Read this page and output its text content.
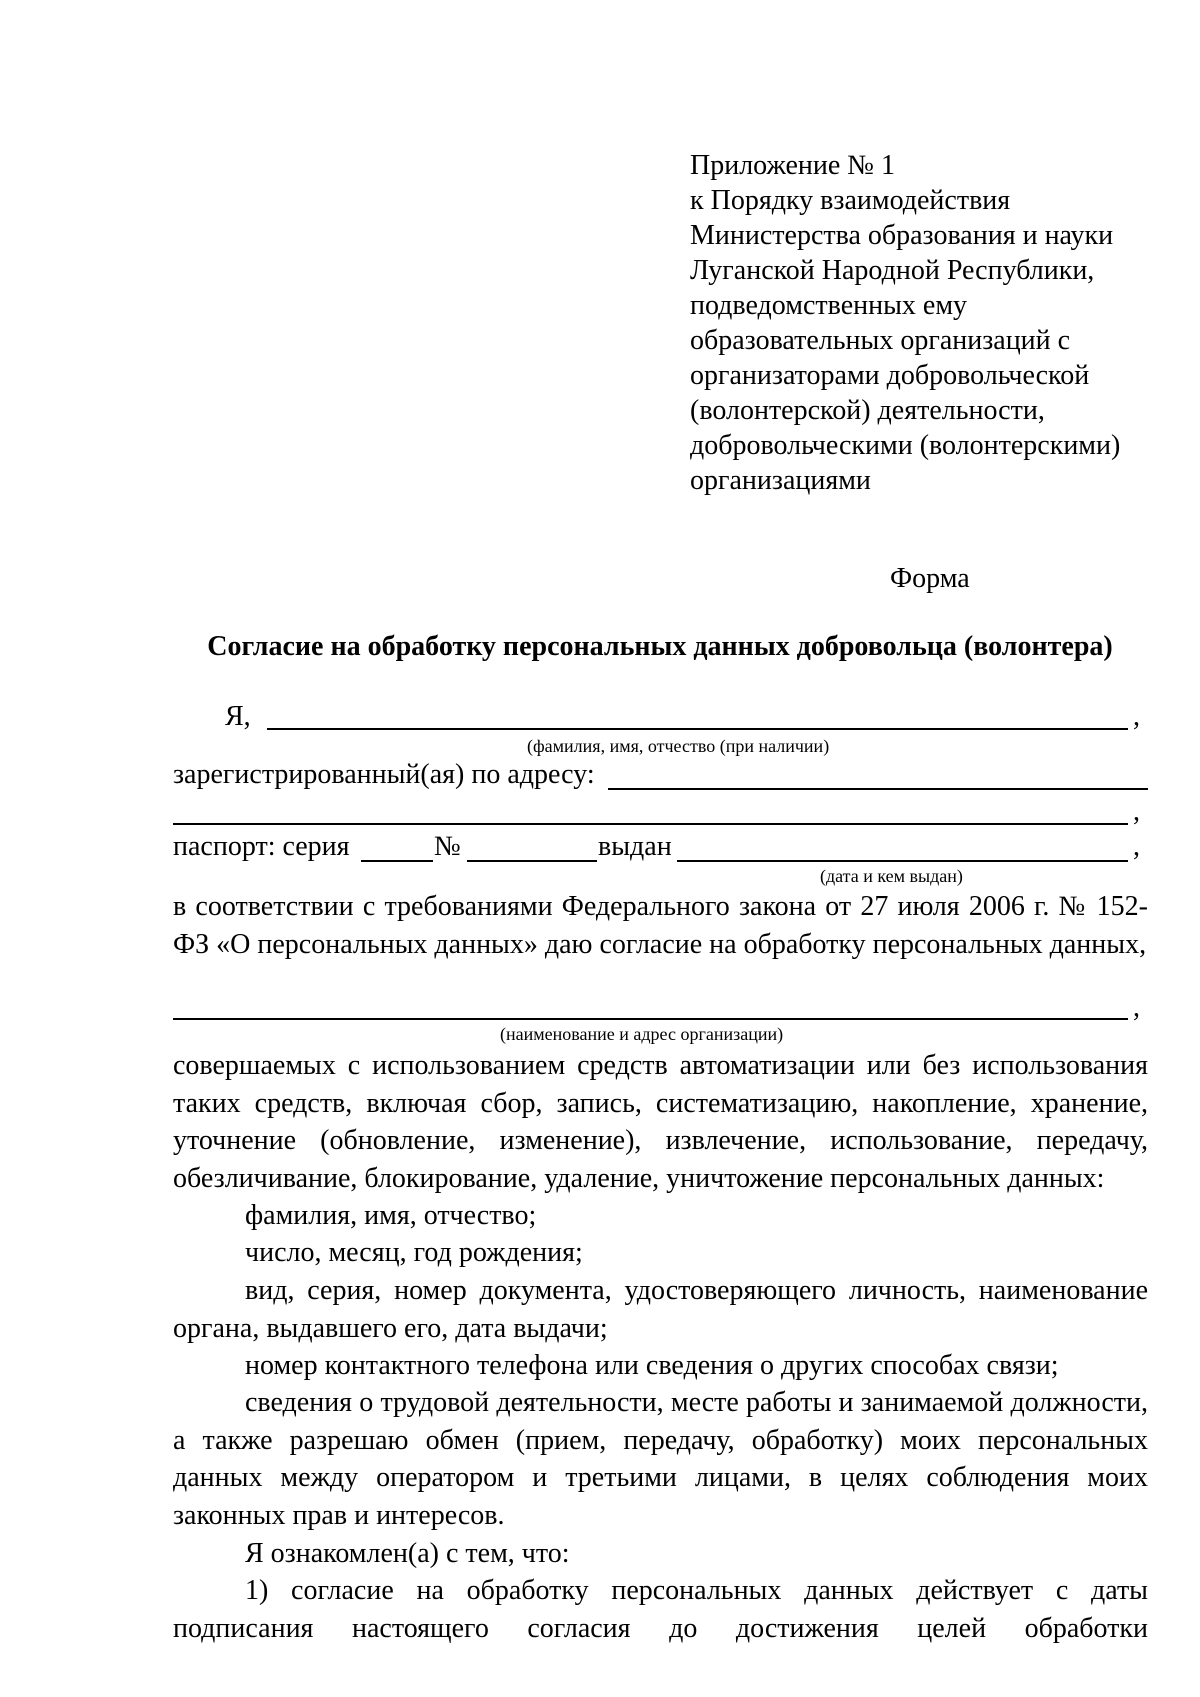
Приложение № 1
к Порядку взаимодействия
Министерства образования и науки
Луганской Народной Республики,
подведомственных ему
образовательных организаций с
организаторами добровольческой
(волонтерской) деятельности,
добровольческими (волонтерскими)
организациями
Форма
Согласие на обработку персональных данных добровольца (волонтера)
Я,	,
(фамилия, имя, отчество (при наличии)
зарегистрированный(ая) по адресу:
,
паспорт: серия	№	выдан	,
(дата и кем выдан)
в соответствии с требованиями Федерального закона от 27 июля 2006 г. № 152-ФЗ «О персональных данных» даю согласие на обработку персональных данных,
,
(наименование и адрес организации)
совершаемых с использованием средств автоматизации или без использования таких средств, включая сбор, запись, систематизацию, накопление, хранение, уточнение (обновление, изменение), извлечение, использование, передачу, обезличивание, блокирование, удаление, уничтожение персональных данных:
фамилия, имя, отчество;
число, месяц, год рождения;
вид, серия, номер документа, удостоверяющего личность, наименование органа, выдавшего его, дата выдачи;
номер контактного телефона или сведения о других способах связи;
сведения о трудовой деятельности, месте работы и занимаемой должности, а также разрешаю обмен (прием, передачу, обработку) моих персональных данных между оператором и третьими лицами, в целях соблюдения моих законных прав и интересов.
Я ознакомлен(а) с тем, что:
1) согласие на обработку персональных данных действует с даты подписания настоящего согласия до достижения целей обработки
